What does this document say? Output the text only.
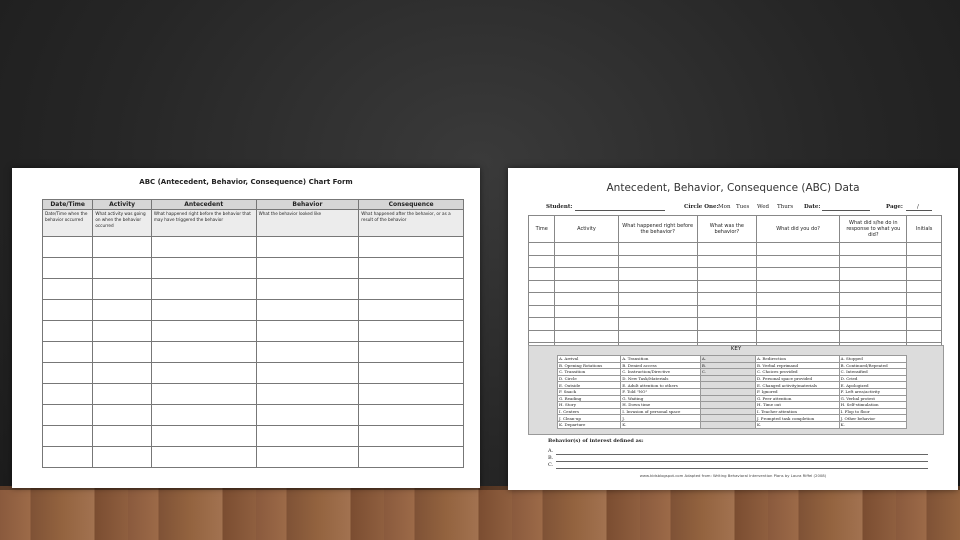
ABC (Antecedent, Behavior, Consequence) Chart Form
Date/Time	Activity	Antecedent	Behavior	Consequence
Date/Time when the behavior occurred	What activity was going on when the behavior occurred	What happened right before the behavior that may have triggered the behavior	What the behavior looked like	What happened after the behavior, or as a result of the behavior

Antecedent, Behavior, Consequence (ABC) Data
Student:	Circle One: Mon Tues Wed Thurs Date:	Page:	/
Time	Activity	What happened right before the behavior?	What was the behavior?	What did you do?	What did s/he do in response to what you did?	Initials

KEY
A. Arrival	A. Transition	A.	A. Redirection	A. Stopped
B. Opening Rotations	B. Denied access	B.	B. Verbal reprimand	B. Continued/Repeated
C. Transition	C. Instruction/Directive	C.	C. Choices provided	C. Intensified
D. Circle	D. New Task/Materials		D. Personal space provided	D. Cried
E. Outside	E. Adult attention to others		E. Changed activity/materials	E. Apologized
F. Snack	F. Told "NO"		F. Ignored	F. Left area/activity
G. Reading	G. Waiting		G. Peer attention	G. Verbal protest
H. Story	H. Down time		H. Time out	H. Self-stimulation
I. Centers	I. Invasion of personal space		I. Teacher attention	I. Flop to floor
J. Clean-up	J.		J. Prompted task completion	J. Other behavior
K. Departure	K.		K.	K.
Behavior(s) of interest defined as:
A.
B.
C.
www.kidsblogspot.com Adapted from: Writing Behavioral Intervention Plans by Laura Riffel (2008)
